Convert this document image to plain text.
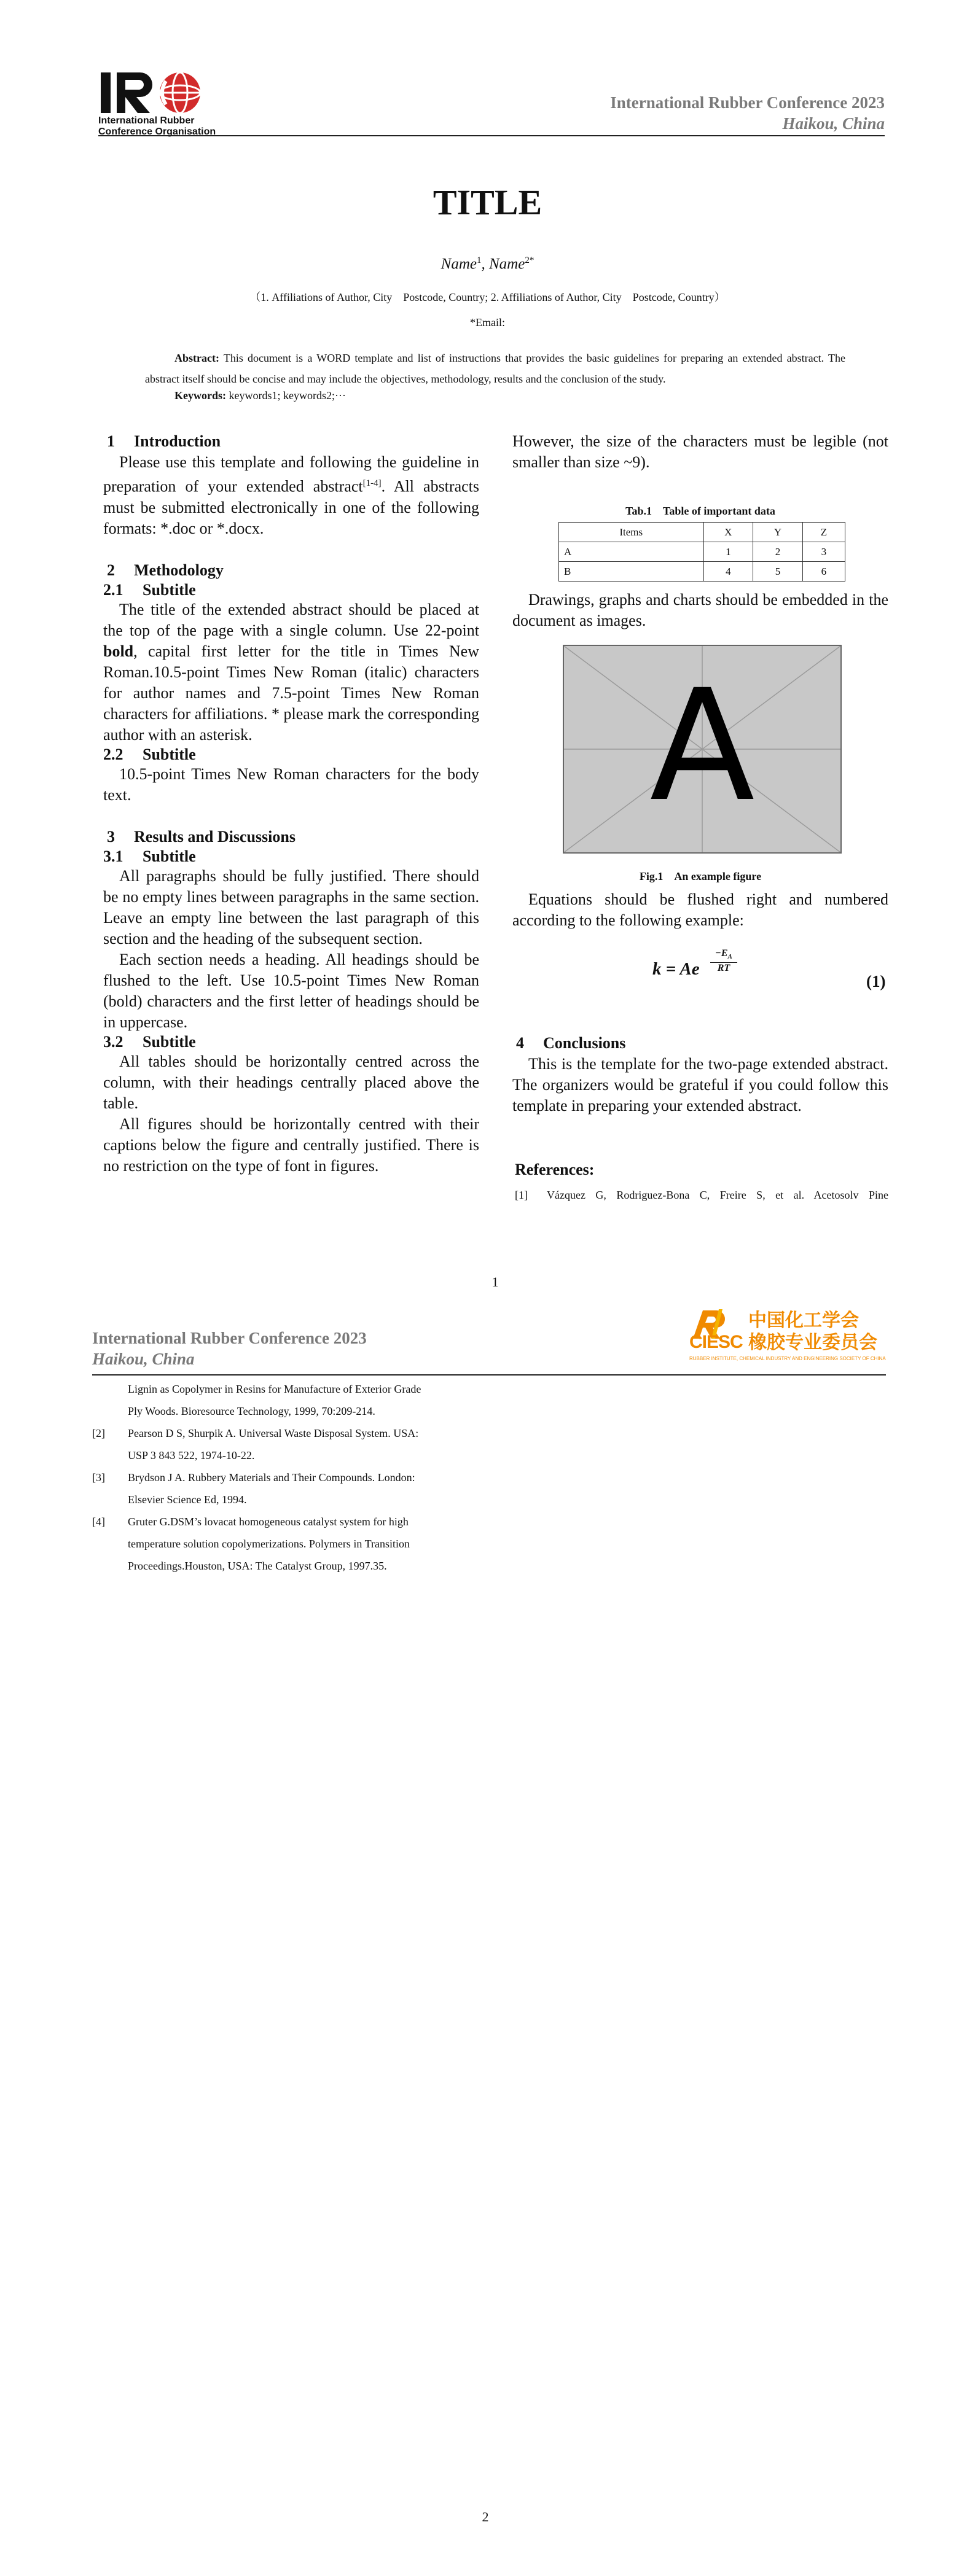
International Rubber
Conference Organisation
International Rubber Conference 2023
Haikou, China
TITLE
Name$^1$, Name$^{2*}$
（1. Affiliations of Author, City　Postcode, Country; 2. Affiliations of Author, City　Postcode, Country）
*Email:
Abstract: This document is a WORD template and list of instructions that provides the basic guidelines for preparing an extended abstract. The abstract itself should be concise and may include the objectives, methodology, results and the conclusion of the study.
Keywords: keywords1; keywords2;···
1 Introduction

Please use this template and following the guideline in preparation of your extended abstract[1-4]. All abstracts must be submitted electronically in one of the following formats: *.doc or *.docx.

2 Methodology
2.1 Subtitle

The title of the extended abstract should be placed at the top of the page with a single column. Use 22-point bold, capital first letter for the title in Times New Roman.10.5-point Times New Roman (italic) characters for author names and 7.5-point Times New Roman characters for affiliations. * please mark the corresponding author with an asterisk.

2.2 Subtitle

10.5-point Times New Roman characters for the body text.

3 Results and Discussions
3.1 Subtitle

All paragraphs should be fully justified. There should be no empty lines between paragraphs in the same section. Leave an empty line between the last paragraph of this section and the heading of the subsequent section.

Each section needs a heading. All headings should be flushed to the left. Use 10.5-point Times New Roman (bold) characters and the first letter of headings should be in uppercase.

3.2 Subtitle

All tables should be horizontally centred across the column, with their headings centrally placed above the table.

All figures should be horizontally centred with their captions below the figure and centrally justified. There is no restriction on the type of font in figures.

However, the size of the characters must be legible (not smaller than size ~9).

Tab.1　Table of important data
Items	X	Y	Z
A	1	2	3
B	4	5	6

Drawings, graphs and charts should be embedded in the document as images.

A
Fig.1　An example figure

Equations should be flushed right and numbered according to the following example:

k = Ae
$-E_A$
RT
(1)
4 Conclusions

This is the template for the two-page extended abstract. The organizers would be grateful if you could follow this template in preparing your extended abstract.

References:
[1] Vázquez G, Rodriguez-Bona C, Freire S, et al. Acetosolv Pine
1
International Rubber Conference 2023
Haikou, China
CIESC
中国化工学会
橡胶专业委员会
RUBBER INSTITUTE, CHEMICAL INDUSTRY AND ENGINEERING SOCIETY OF CHINA
Lignin as Copolymer in Resins for Manufacture of Exterior Grade
Ply Woods. Bioresource Technology, 1999, 70:209-214.
[2] Pearson D S, Shurpik A. Universal Waste Disposal System. USA:
USP 3 843 522, 1974-10-22.
[3] Brydson J A. Rubbery Materials and Their Compounds. London:
Elsevier Science Ed, 1994.
[4] Gruter G.DSM’s lovacat homogeneous catalyst system for high
temperature solution copolymerizations. Polymers in Transition
Proceedings.Houston, USA: The Catalyst Group, 1997.35.
2
